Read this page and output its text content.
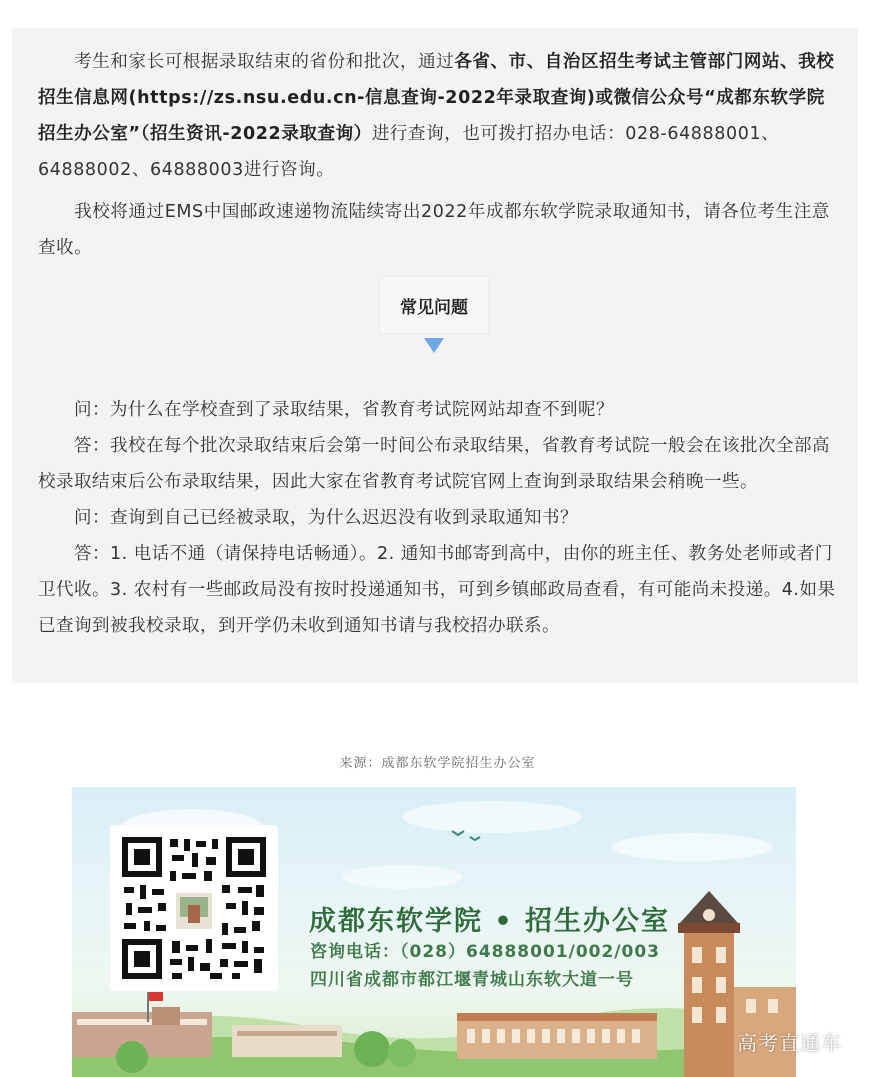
　　考生和家长可根据录取结束的省份和批次，通过各省、市、自治区招生考试主管部门网站、我校招生信息网(https://zs.nsu.edu.cn-信息查询-2022年录取查询)或微信公众号“成都东软学院招生办公室”（招生资讯-2022录取查询）进行查询，也可拨打招办电话：028-64888001、64888002、64888003进行咨询。

　　我校将通过EMS中国邮政速递物流陆续寄出2022年成都东软学院录取通知书，请各位考生注意查收。

常见问题
　　问：为什么在学校查到了录取结果，省教育考试院网站却查不到呢？
　　答：我校在每个批次录取结束后会第一时间公布录取结果，省教育考试院一般会在该批次全部高校录取结束后公布录取结果，因此大家在省教育考试院官网上查询到录取结果会稍晚一些。
　　问：查询到自己已经被录取，为什么迟迟没有收到录取通知书？
　　答：1. 电话不通（请保持电话畅通）。2. 通知书邮寄到高中，由你的班主任、教务处老师或者门卫代收。3. 农村有一些邮政局没有按时投递通知书，可到乡镇邮政局查看，有可能尚未投递。4.如果已查询到被我校录取，到开学仍未收到通知书请与我校招办联系。
来源：成都东软学院招生办公室
成都东软学院 • 招生办公室
咨询电话：（028）64888001/002/003
四川省成都市都江堰青城山东软大道一号
高考直通车
